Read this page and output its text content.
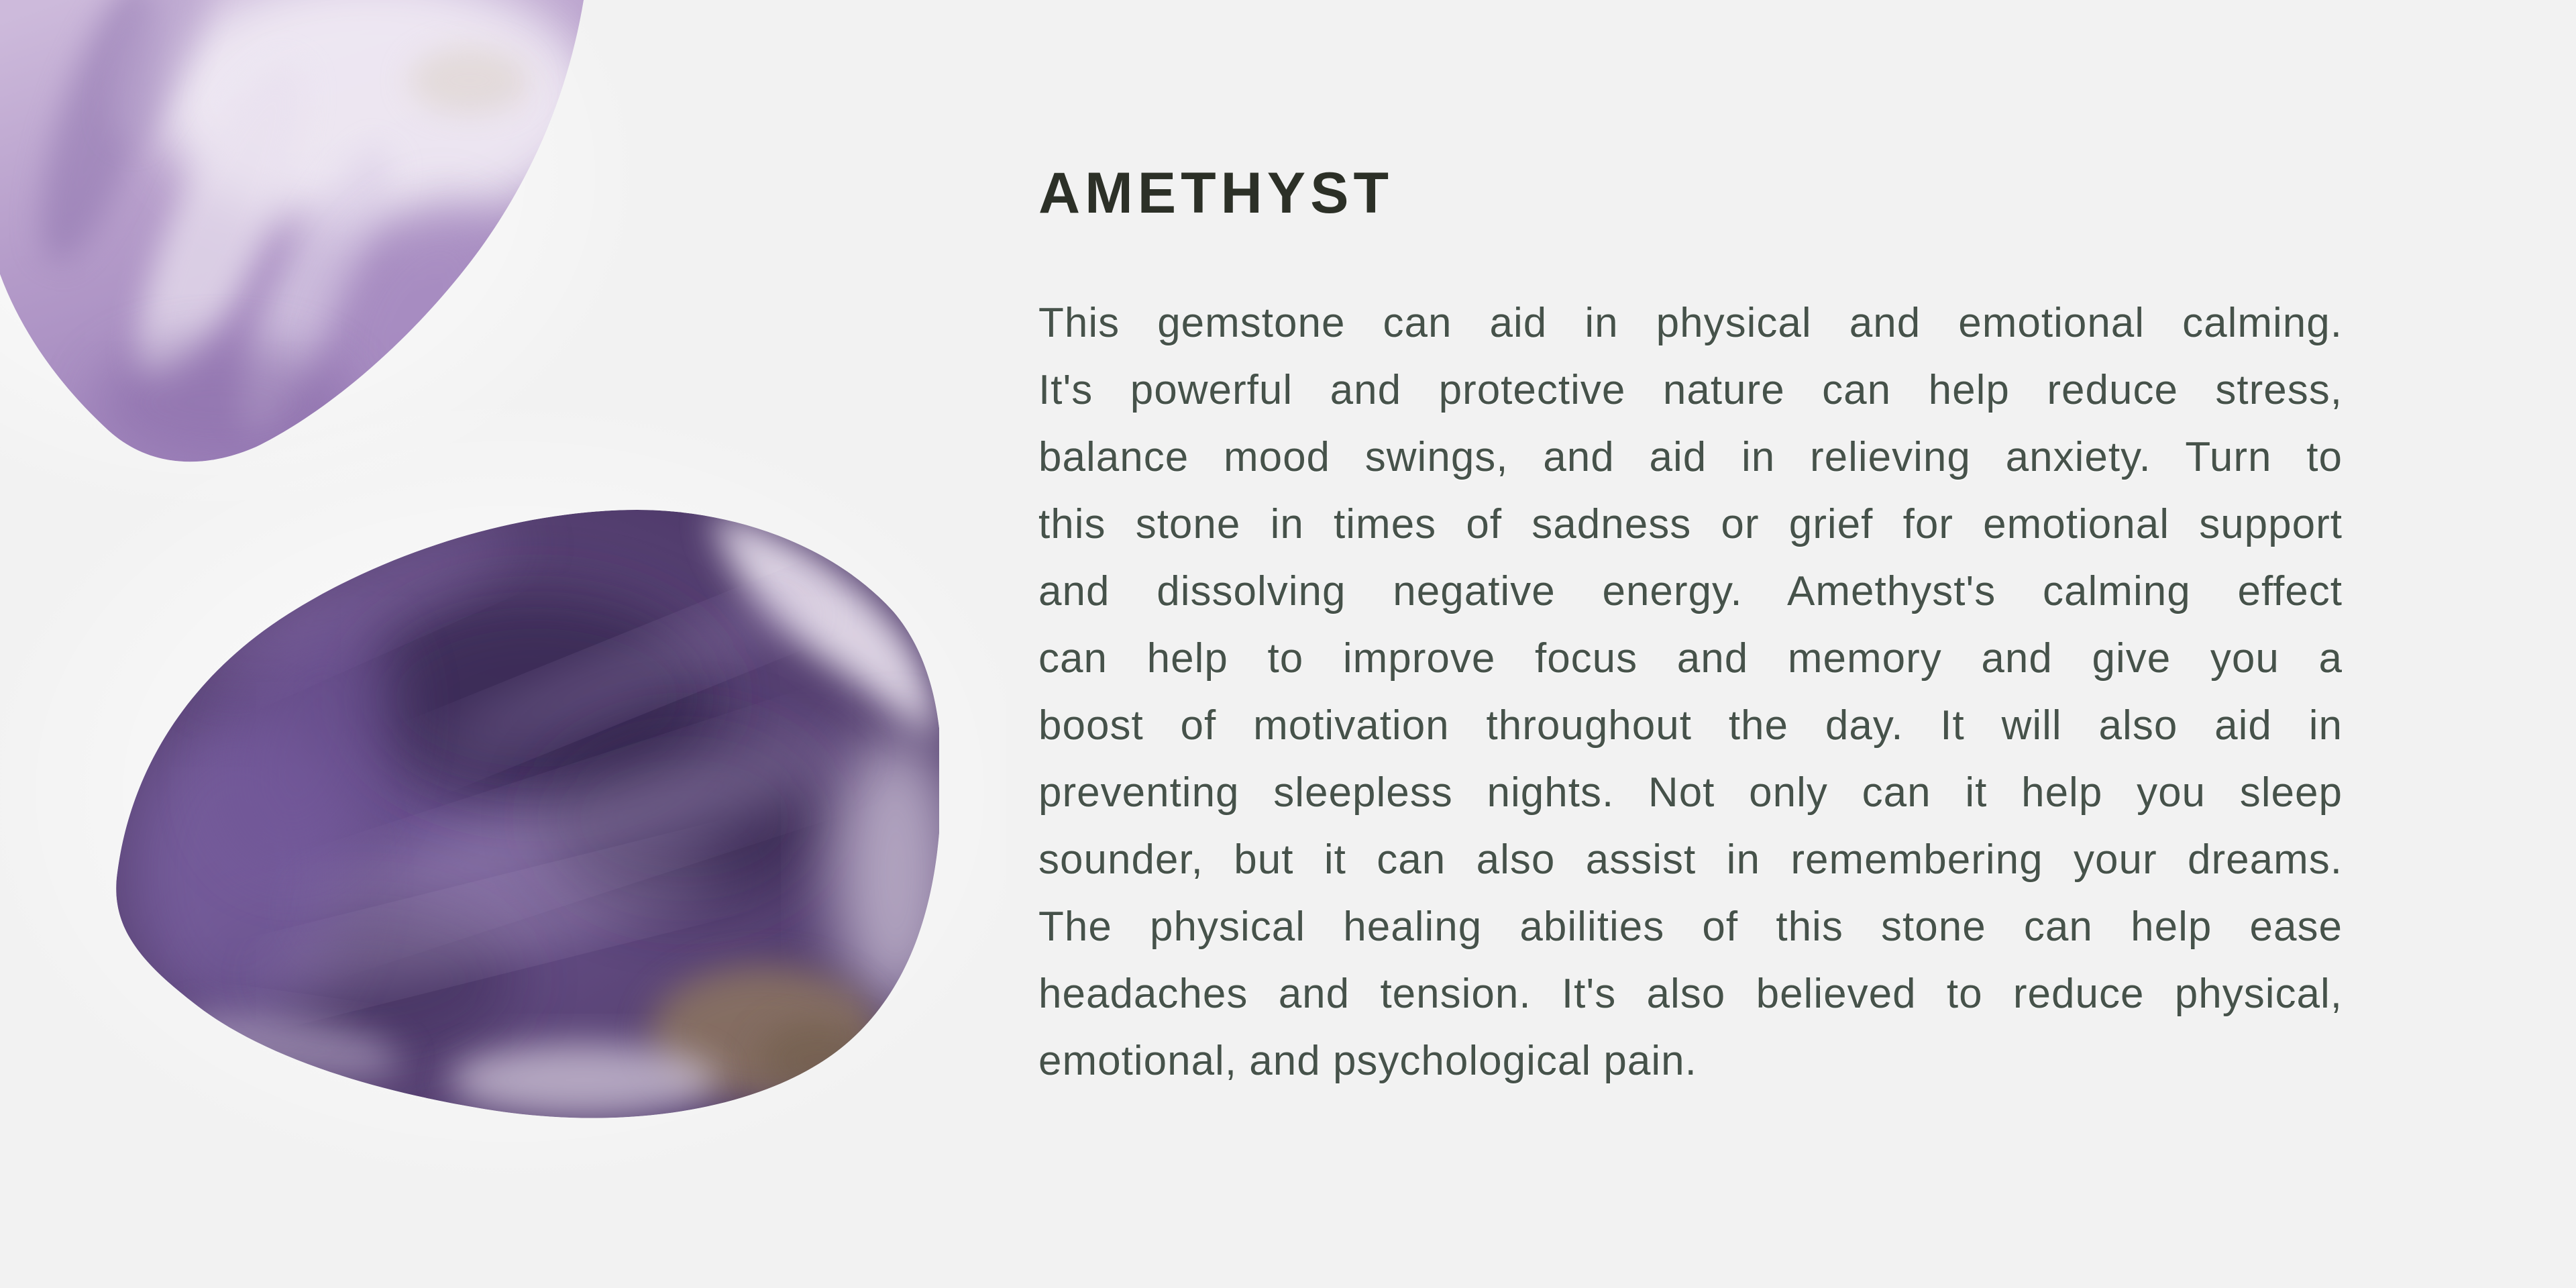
AMETHYST
This gemstone can aid in physical and emotional calming.
It's powerful and protective nature can help reduce stress,
balance mood swings, and aid in relieving anxiety. Turn to
this stone in times of sadness or grief for emotional support
and dissolving negative energy. Amethyst's calming effect
can help to improve focus and memory and give you a
boost of motivation throughout the day. It will also aid in
preventing sleepless nights. Not only can it help you sleep
sounder, but it can also assist in remembering your dreams.
The physical healing abilities of this stone can help ease
headaches and tension. It's also believed to reduce physical,
emotional, and psychological pain.
